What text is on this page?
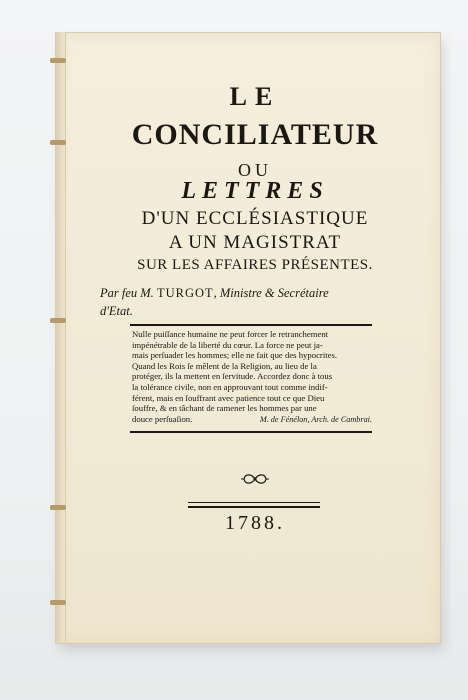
LE
CONCILIATEUR
OU
LETTRES
D'UN ECCLÉSIASTIQUE
A UN MAGISTRAT
SUR LES AFFAIRES PRÉSENTES.
Par feu M. TURGOT, Ministre & Secrétaire
d'Etat.
Nulle puiſſance humaine ne peut forcer le retranchement
impénétrable de la liberté du cœur. La force ne peut ja-
mais perſuader les hommes; elle ne fait que des hypocrites.
Quand les Rois ſe mêlent de la Religion, au lieu de la
protéger, ils la mettent en ſervitude. Accordez donc à tous
la tolérance civile, non en approuvant tout comme indif-
férent, mais en ſouffrant avec patience tout ce que Dieu
ſouffre, & en tâchant de ramener les hommes par une
douce perſuaſion.	M. de Fénélon, Arch. de Cambrai.
1788.
